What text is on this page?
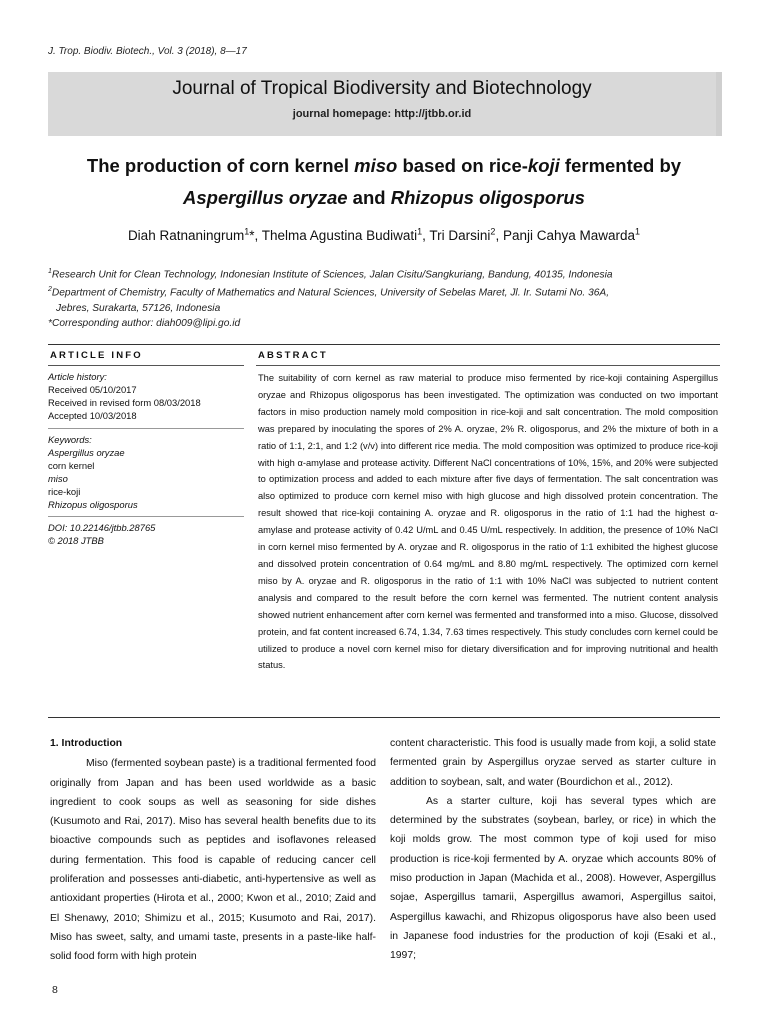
J. Trop. Biodiv. Biotech., Vol. 3 (2018), 8—17
Journal of Tropical Biodiversity and Biotechnology
journal homepage: http://jtbb.or.id
The production of corn kernel miso based on rice-koji fermented by
Aspergillus oryzae and Rhizopus oligosporus
Diah Ratnaningrum$^1$*, Thelma Agustina Budiwati$^1$, Tri Darsini$^2$, Panji Cahya Mawarda$^1$
$^1$Research Unit for Clean Technology, Indonesian Institute of Sciences, Jalan Cisitu/Sangkuriang, Bandung, 40135, Indonesia
$^2$Department of Chemistry, Faculty of Mathematics and Natural Sciences, University of Sebelas Maret, Jl. Ir. Sutami No. 36A,
Jebres, Surakarta, 57126, Indonesia
*Corresponding author: diah009@lipi.go.id
ARTICLE INFO	ABSTRACT
Article history:
Received 05/10/2017
Received in revised form 08/03/2018
Accepted 10/03/2018
Keywords:
Aspergillus oryzae
corn kernel
miso
rice-koji
Rhizopus oligosporus
DOI: 10.22146/jtbb.28765
© 2018 JTBB
The suitability of corn kernel as raw material to produce miso fermented by rice-koji containing Aspergillus oryzae and Rhizopus oligosporus has been investigated. The optimization was conducted on two important factors in miso production namely mold composition in rice-koji and salt concentration. The mold composition was prepared by inoculating the spores of 2% A. oryzae, 2% R. oligosporus, and 2% the mixture of both in a ratio of 1:1, 2:1, and 1:2 (v/v) into different rice media. The mold composition was optimized to produce rice-koji with high α-amylase and protease activity. Different NaCl concentrations of 10%, 15%, and 20% were subjected to optimization process and added to each mixture after five days of fermentation. The salt concentration was also optimized to produce corn kernel miso with high glucose and high dissolved protein concentration. The result showed that rice-koji containing A. oryzae and R. oligosporus in the ratio of 1:1 had the highest α-amylase and protease activity of 0.42 U/mL and 0.45 U/mL respectively. In addition, the presence of 10% NaCl in corn kernel miso fermented by A. oryzae and R. oligosporus in the ratio of 1:1 exhibited the highest glucose and dissolved protein concentration of 0.64 mg/mL and 8.80 mg/mL respectively. The optimized corn kernel miso by A. oryzae and R. oligosporus in the ratio of 1:1 with 10% NaCl was subjected to nutrient content analysis and compared to the result before the corn kernel was fermented. The nutrient content analysis showed nutrient enhancement after corn kernel was fermented and transformed into a miso. Glucose, dissolved protein, and fat content increased 6.74, 1.34, 7.63 times respectively. This study concludes corn kernel could be utilized to produce a novel corn kernel miso for dietary diversification and for improving nutritional and health status.
1. Introduction
Miso (fermented soybean paste) is a traditional fermented food originally from Japan and has been used worldwide as a basic ingredient to cook soups as well as seasoning for side dishes (Kusumoto and Rai, 2017). Miso has several health benefits due to its bioactive compounds such as peptides and isoflavones released during fermentation. This food is capable of reducing cancer cell proliferation and possesses anti-diabetic, anti-hypertensive as well as antioxidant properties (Hirota et al., 2000; Kwon et al., 2010; Zaid and El Shenawy, 2010; Shimizu et al., 2015; Kusumoto and Rai, 2017). Miso has sweet, salty, and umami taste, presents in a paste-like half-solid food form with high protein
content characteristic. This food is usually made from koji, a solid state fermented grain by Aspergillus oryzae served as starter culture in addition to soybean, salt, and water (Bourdichon et al., 2012).
As a starter culture, koji has several types which are determined by the substrates (soybean, barley, or rice) in which the koji molds grow. The most common type of koji used for miso production is rice-koji fermented by A. oryzae which accounts 80% of miso production in Japan (Machida et al., 2008). However, Aspergillus sojae, Aspergillus tamarii, Aspergillus awamori, Aspergillus saitoi, Aspergillus kawachi, and Rhizopus oligosporus have also been used in Japanese food industries for the production of koji (Esaki et al., 1997;
8
